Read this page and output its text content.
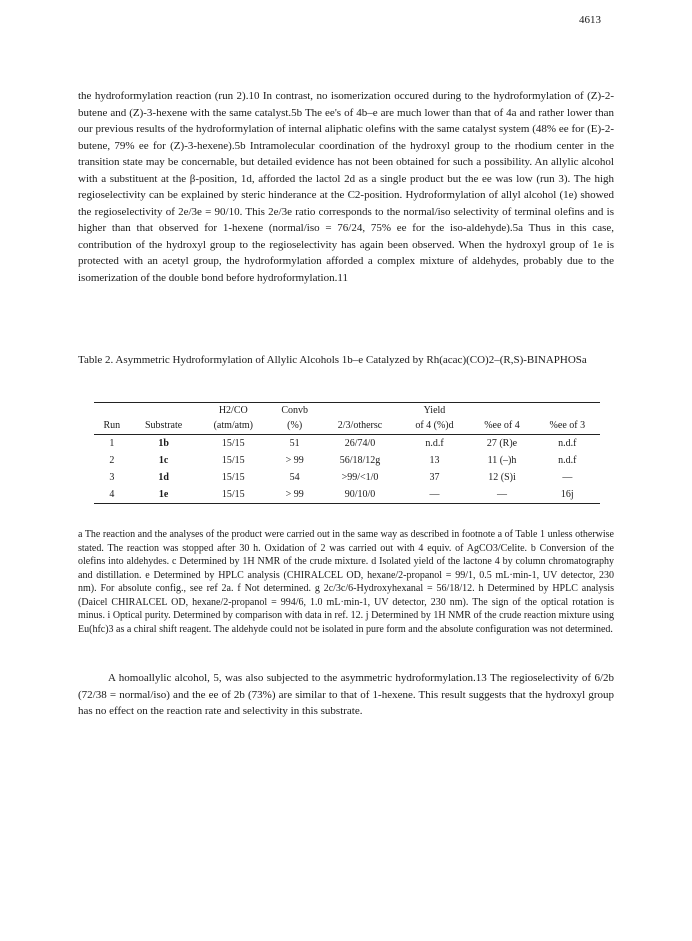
4613
the hydroformylation reaction (run 2).10 In contrast, no isomerization occured during to the hydroformylation of (Z)-2-butene and (Z)-3-hexene with the same catalyst.5b The ee's of 4b–e are much lower than that of 4a and rather lower than our previous results of the hydroformylation of internal aliphatic olefins with the same catalyst system (48% ee for (E)-2-butene, 79% ee for (Z)-3-hexene).5b Intramolecular coordination of the hydroxyl group to the rhodium center in the transition state may be concernable, but detailed evidence has not been obtained for such a possibility. An allylic alcohol with a substituent at the β-position, 1d, afforded the lactol 2d as a single product but the ee was low (run 3). The high regioselectivity can be explained by steric hinderance at the C2-position. Hydroformylation of allyl alcohol (1e) showed the regioselectivity of 2e/3e = 90/10. This 2e/3e ratio corresponds to the normal/iso selectivity of terminal olefins and is higher than that observed for 1-hexene (normal/iso = 76/24, 75% ee for the iso-aldehyde).5a Thus in this case, contribution of the hydroxyl group to the regioselectivity has again been observed. When the hydroxyl group of 1e is protected with an acetyl group, the hydroformylation afforded a complex mixture of aldehydes, probably due to the isomerization of the double bond before hydroformylation.11
Table 2. Asymmetric Hydroformylation of Allylic Alcohols 1b–e Catalyzed by Rh(acac)(CO)2–(R,S)-BINAPHOSa
		H2/CO	Convb		Yield		
Run	Substrate	(atm/atm)	(%)	2/3/othersc	of 4 (%)d	%ee of 4	%ee of 3
1	1b	15/15	51	26/74/0	n.d.f	27 (R)e	n.d.f
2	1c	15/15	> 99	56/18/12g	13	11 (–)h	n.d.f
3	1d	15/15	54	>99/<1/0	37	12 (S)i	—
4	1e	15/15	> 99	90/10/0	—	—	16j
a The reaction and the analyses of the product were carried out in the same way as described in footnote a of Table 1 unless otherwise stated. The reaction was stopped after 30 h. Oxidation of 2 was carried out with 4 equiv. of AgCO3/Celite. b Conversion of the olefins into aldehydes. c Determined by 1H NMR of the crude mixture. d Isolated yield of the lactone 4 by column chromatography and distillation. e Determined by HPLC analysis (CHIRALCEL OD, hexane/2-propanol = 99/1, 0.5 mL·min-1, UV detector, 230 nm). For absolute config., see ref 2a. f Not determined. g 2c/3c/6-Hydroxyhexanal = 56/18/12. h Determined by HPLC analysis (Daicel CHIRALCEL OD, hexane/2-propanol = 994/6, 1.0 mL·min-1, UV detector, 230 nm). The sign of the optical rotation is minus. i Optical purity. Determined by comparison with data in ref. 12. j Determined by 1H NMR of the crude reaction mixture using Eu(hfc)3 as a chiral shift reagent. The aldehyde could not be isolated in pure form and the absolute configuration was not determined.
A homoallylic alcohol, 5, was also subjected to the asymmetric hydroformylation.13 The regioselectivity of 6/2b (72/38 = normal/iso) and the ee of 2b (73%) are similar to that of 1-hexene. This result suggests that the hydroxyl group has no effect on the reaction rate and selectivity in this substrate.
